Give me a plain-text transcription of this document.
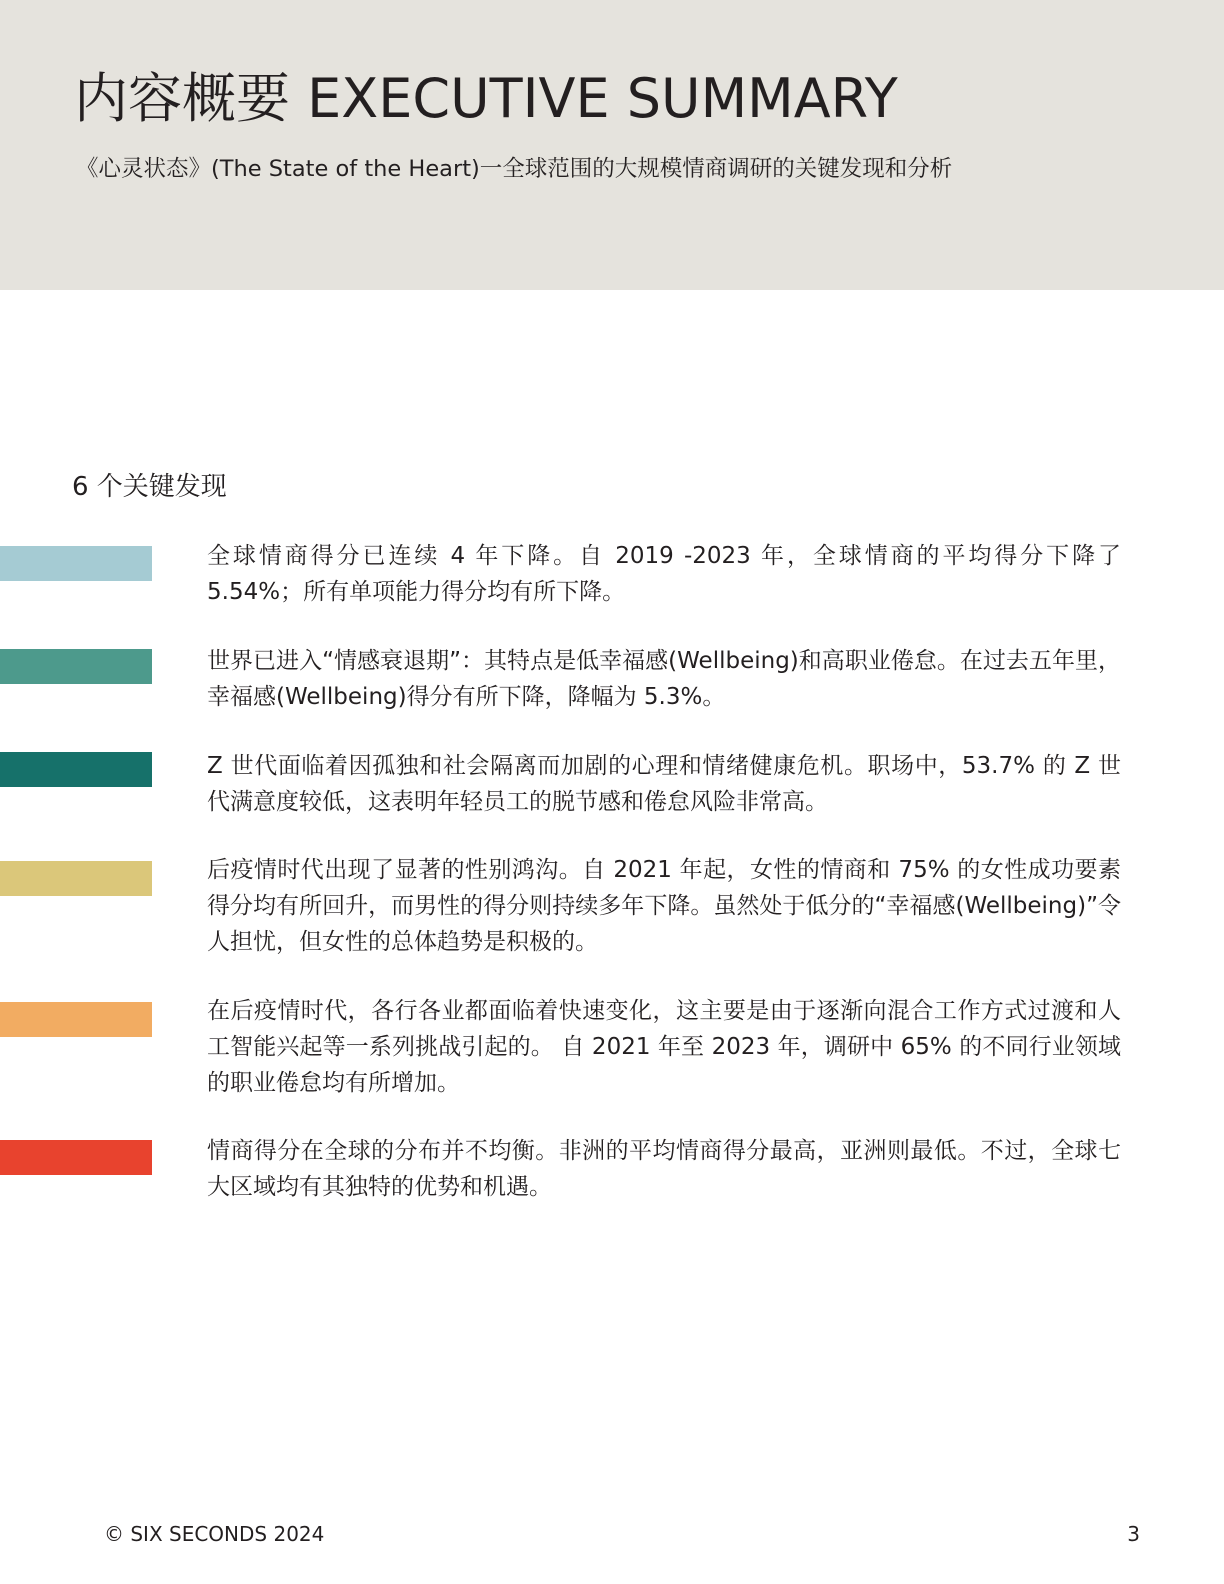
内容概要 EXECUTIVE SUMMARY

《心灵状态》(The State of the Heart)一全球范围的大规模情商调研的关键发现和分析

6 个关键发现

全球情商得分已连续 4 年下降。自 2019 -2023 年，全球情商的平均得分下降了 5.54%；所有单项能力得分均有所下降。

世界已进入“情感衰退期”：其特点是低幸福感(Wellbeing)和高职业倦怠。在过去五年里，幸福感(Wellbeing)得分有所下降，降幅为 5.3%。

Z 世代面临着因孤独和社会隔离而加剧的心理和情绪健康危机。职场中，53.7% 的 Z 世代满意度较低，这表明年轻员工的脱节感和倦怠风险非常高。

后疫情时代出现了显著的性别鸿沟。自 2021 年起，女性的情商和 75% 的女性成功要素得分均有所回升，而男性的得分则持续多年下降。虽然处于低分的“幸福感(Wellbeing)”令人担忧，但女性的总体趋势是积极的。

在后疫情时代，各行各业都面临着快速变化，这主要是由于逐渐向混合工作方式过渡和人工智能兴起等一系列挑战引起的。 自 2021 年至 2023 年，调研中 65% 的不同行业领域的职业倦怠均有所增加。

情商得分在全球的分布并不均衡。非洲的平均情商得分最高，亚洲则最低。不过，全球七大区域均有其独特的优势和机遇。

© SIX SECONDS 2024	3
